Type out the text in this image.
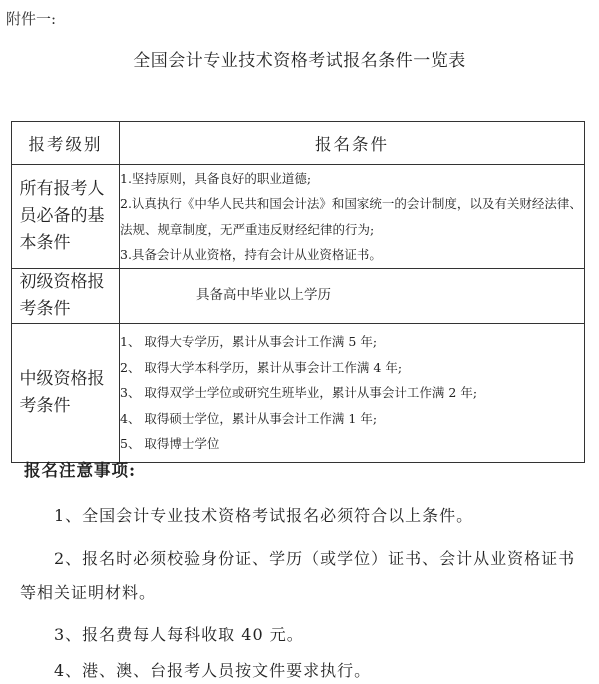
附件一:
全国会计专业技术资格考试报名条件一览表
报考级别	报名条件
所有报考人员必备的基本条件	1.坚持原则，具备良好的职业道德;
2.认真执行《中华人民共和国会计法》和国家统一的会计制度，以及有关财经法律、法规、规章制度，无严重违反财经纪律的行为;
3.具备会计从业资格，持有会计从业资格证书。

初级资格报考条件	具备高中毕业以上学历

中级资格报考条件	1、 取得大专学历，累计从事会计工作满 5 年;
2、 取得大学本科学历，累计从事会计工作满 4 年;
3、 取得双学士学位或研究生班毕业，累计从事会计工作满 2 年;
4、 取得硕士学位，累计从事会计工作满 1 年;
5、 取得博士学位
报名注意事项:
1、全国会计专业技术资格考试报名必须符合以上条件。
2、报名时必须校验身份证、学历（或学位）证书、会计从业资格证书
等相关证明材料。
3、报名费每人每科收取 40 元。
4、港、澳、台报考人员按文件要求执行。
